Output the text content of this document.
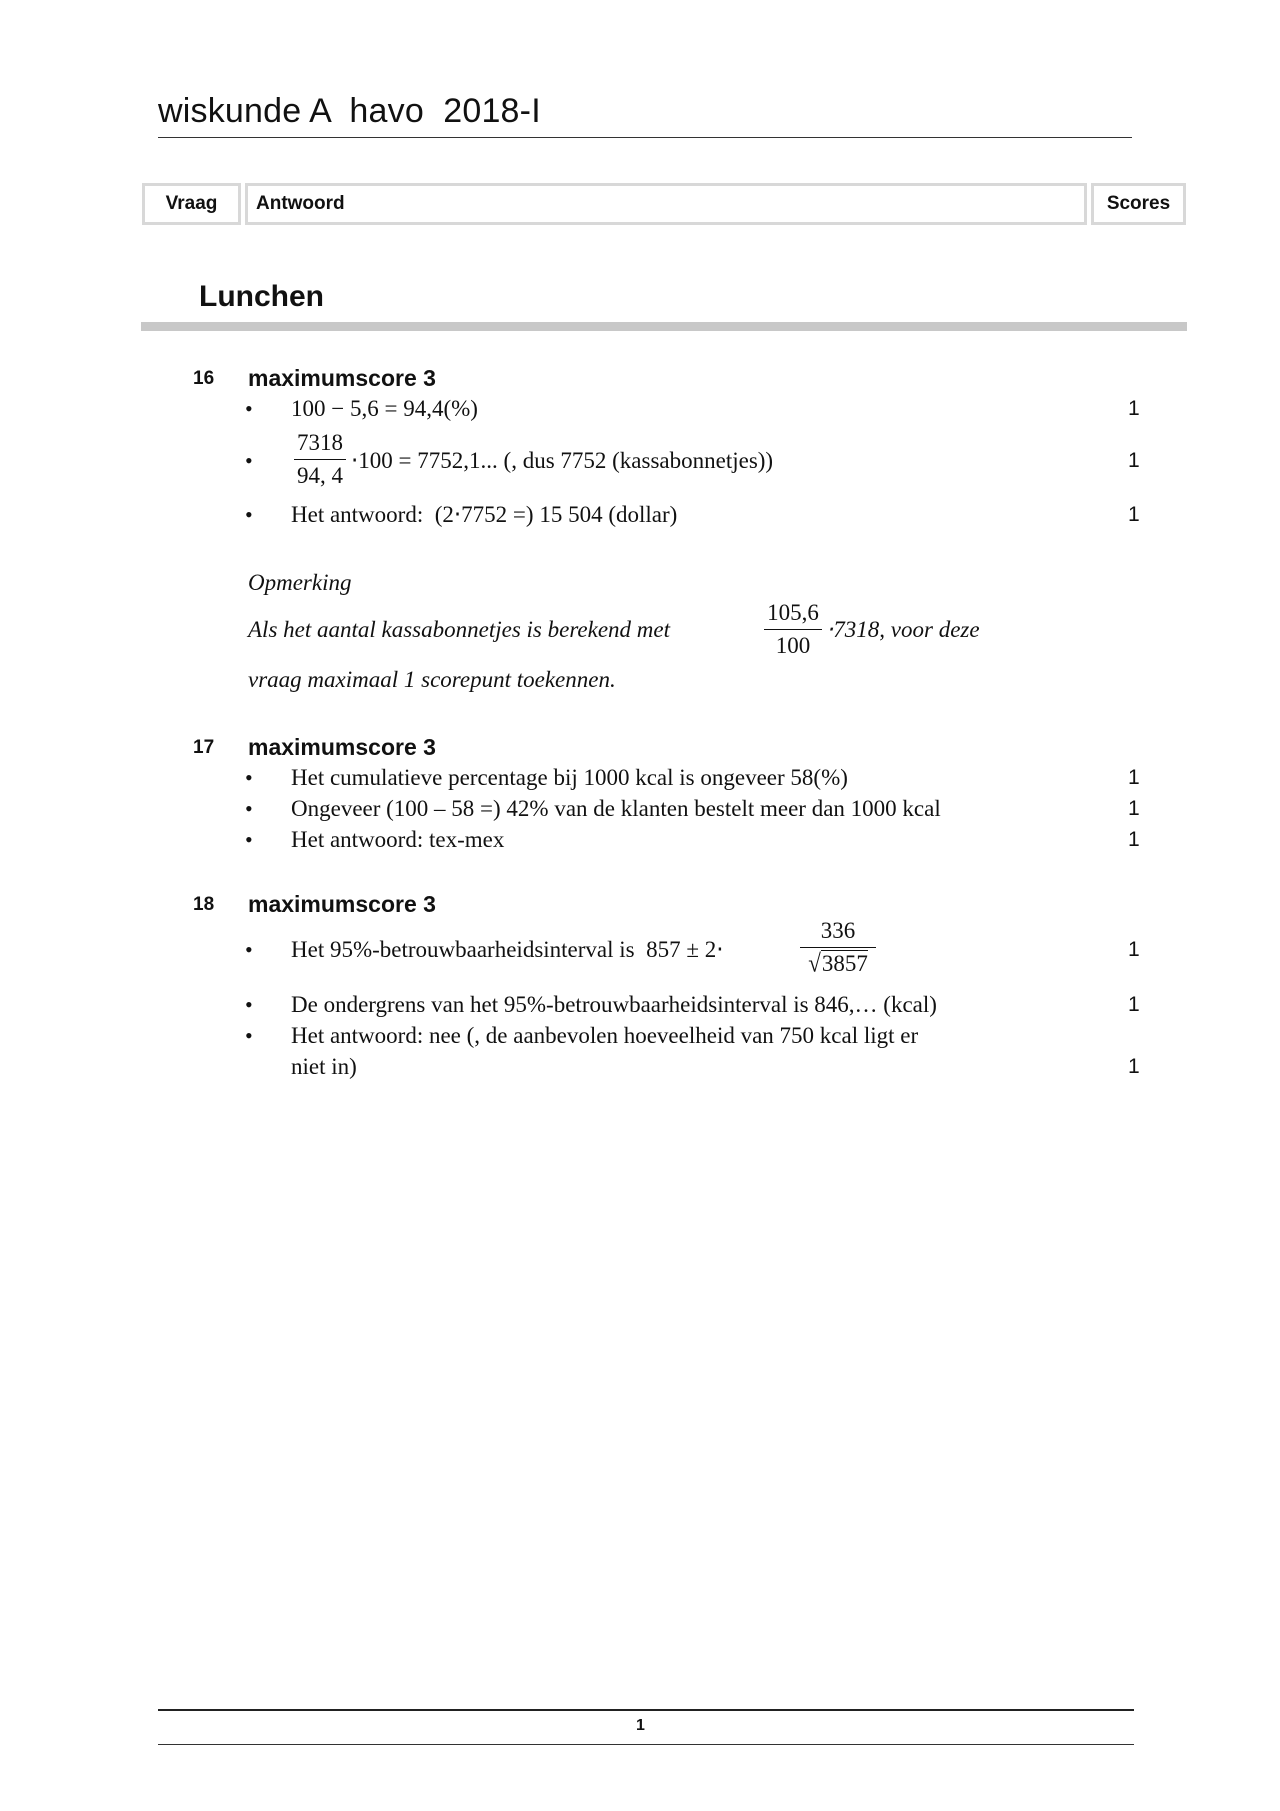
wiskunde A  havo  2018-I
Vraag	Antwoord	Scores
Lunchen
16 maximumscore 3
• 100 − 5,6 = 94,4(%)	1
•
7318
94, 4
⋅100 = 7752,1... (, dus 7752 (kassabonnetjes))	1
• Het antwoord:  (2⋅7752 =) 15 504 (dollar)	1
Opmerking
Als het aantal kassabonnetjes is berekend met
105,6
100
⋅7318, voor deze
vraag maximaal 1 scorepunt toekennen.
17 maximumscore 3
• Het cumulatieve percentage bij 1000 kcal is ongeveer 58(%)	1
• Ongeveer (100 – 58 =) 42% van de klanten bestelt meer dan 1000 kcal	1
• Het antwoord: tex-mex	1
18 maximumscore 3
• Het 95%-betrouwbaarheidsinterval is  857 ± 2⋅
336
√3857
1
• De ondergrens van het 95%-betrouwbaarheidsinterval is 846,… (kcal)	1
• Het antwoord: nee (, de aanbevolen hoeveelheid van 750 kcal ligt er
niet in)	1
1
